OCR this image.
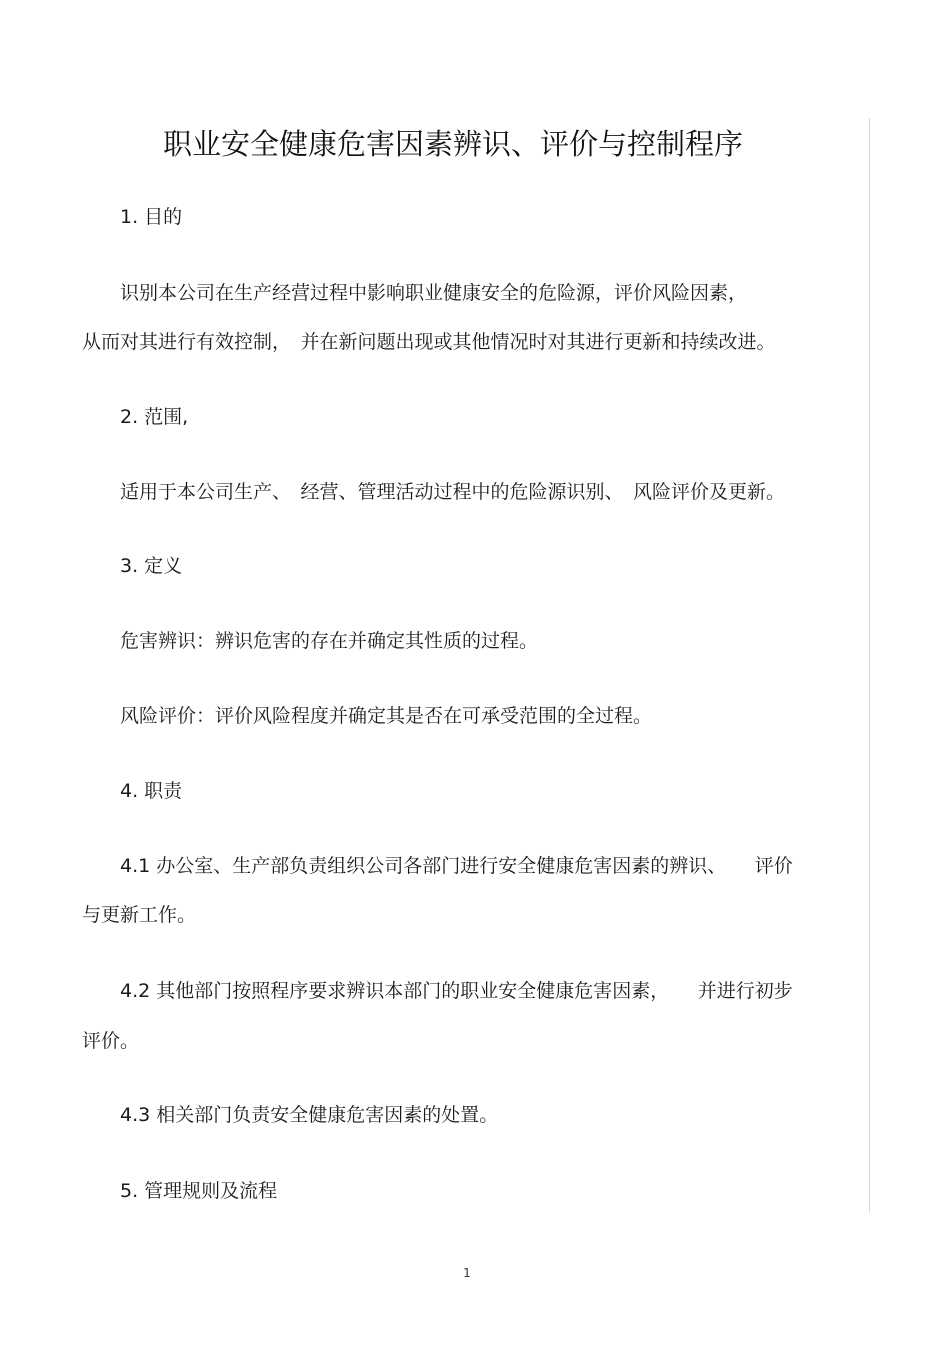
职业安全健康危害因素辨识、评价与控制程序
1. 目的
识别本公司在生产经营过程中影响职业健康安全的危险源，评价风险因素，
从而对其进行有效控制，　并在新问题出现或其他情况时对其进行更新和持续改进。
2. 范围,
适用于本公司生产、　经营、管理活动过程中的危险源识别、　风险评价及更新。
3. 定义
危害辨识：辨识危害的存在并确定其性质的过程。
风险评价：评价风险程度并确定其是否在可承受范围的全过程。
4. 职责
4.1 办公室、生产部负责组织公司各部门进行安全健康危害因素的辨识、　　评价
与更新工作。
4.2 其他部门按照程序要求辨识本部门的职业安全健康危害因素，　　并进行初步
评价。
4.3 相关部门负责安全健康危害因素的处置。
5. 管理规则及流程
1
